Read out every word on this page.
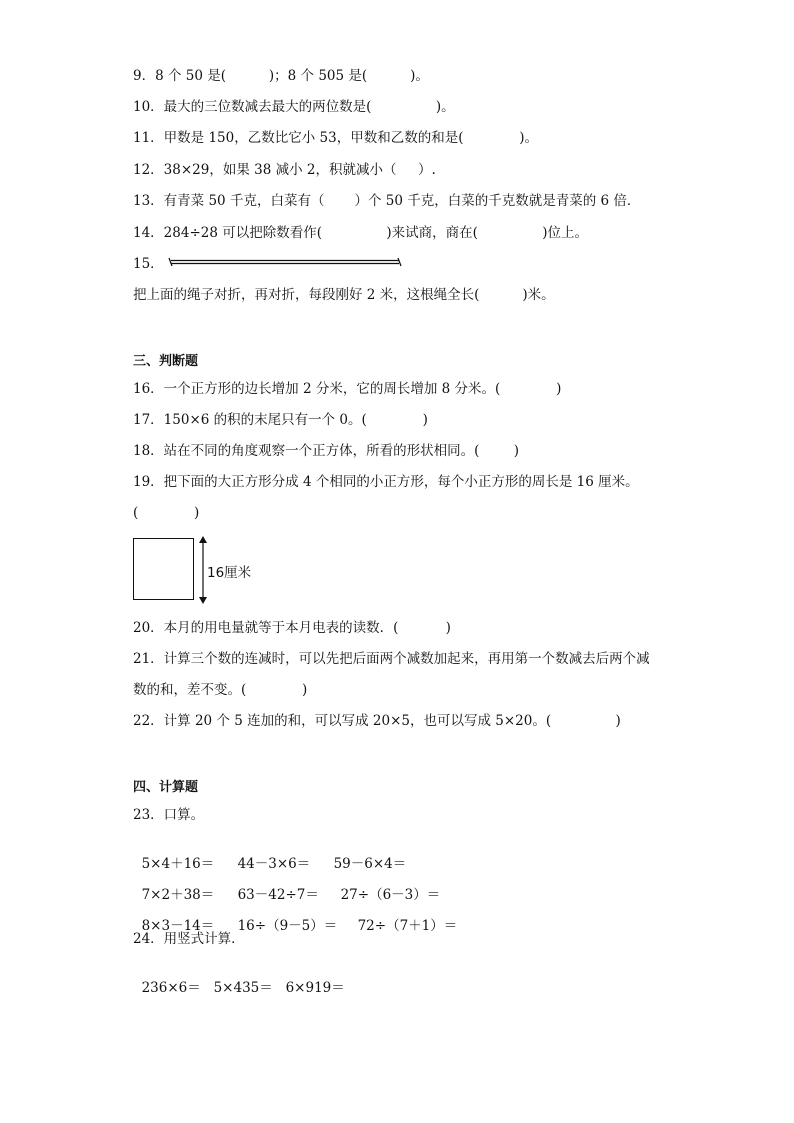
9．8 个 50 是(          )；8 个 505 是(          )。
10．最大的三位数减去最大的两位数是(               )。
11．甲数是 150，乙数比它小 53，甲数和乙数的和是(             )。
12．38×29，如果 38 减小 2，积就减小（     ）.
13．有青菜 50 千克，白菜有（       ）个 50 千克，白菜的千克数就是青菜的 6 倍．
14．284÷28 可以把除数看作(               )来试商，商在(               )位上。
15．
把上面的绳子对折，再对折，每段刚好 2 米，这根绳全长(          )米。
三、判断题
16．一个正方形的边长增加 2 分米，它的周长增加 8 分米。(             )
17．150×6 的积的末尾只有一个 0。(             )
18．站在不同的角度观察一个正方体，所看的形状相同。(        )
19．把下面的大正方形分成 4 个相同的小正方形，每个小正方形的周长是 16 厘米。
(             )
16厘米
20．本月的用电量就等于本月电表的读数．(           )
21．计算三个数的连减时，可以先把后面两个减数加起来，再用第一个数减去后两个减
数的和，差不变。(             )
22．计算 20 个 5 连加的和，可以写成 20×5，也可以写成 5×20。(               )
四、计算题
23．口算。

5×4＋16＝ 44－3×6＝ 59－6×4＝

7×2＋38＝ 63－42÷7＝ 27÷（6－3）＝

8×3－14＝ 16÷（9－5）＝ 72÷（7＋1）＝

24．用竖式计算．

236×6＝ 5×435＝ 6×919＝
